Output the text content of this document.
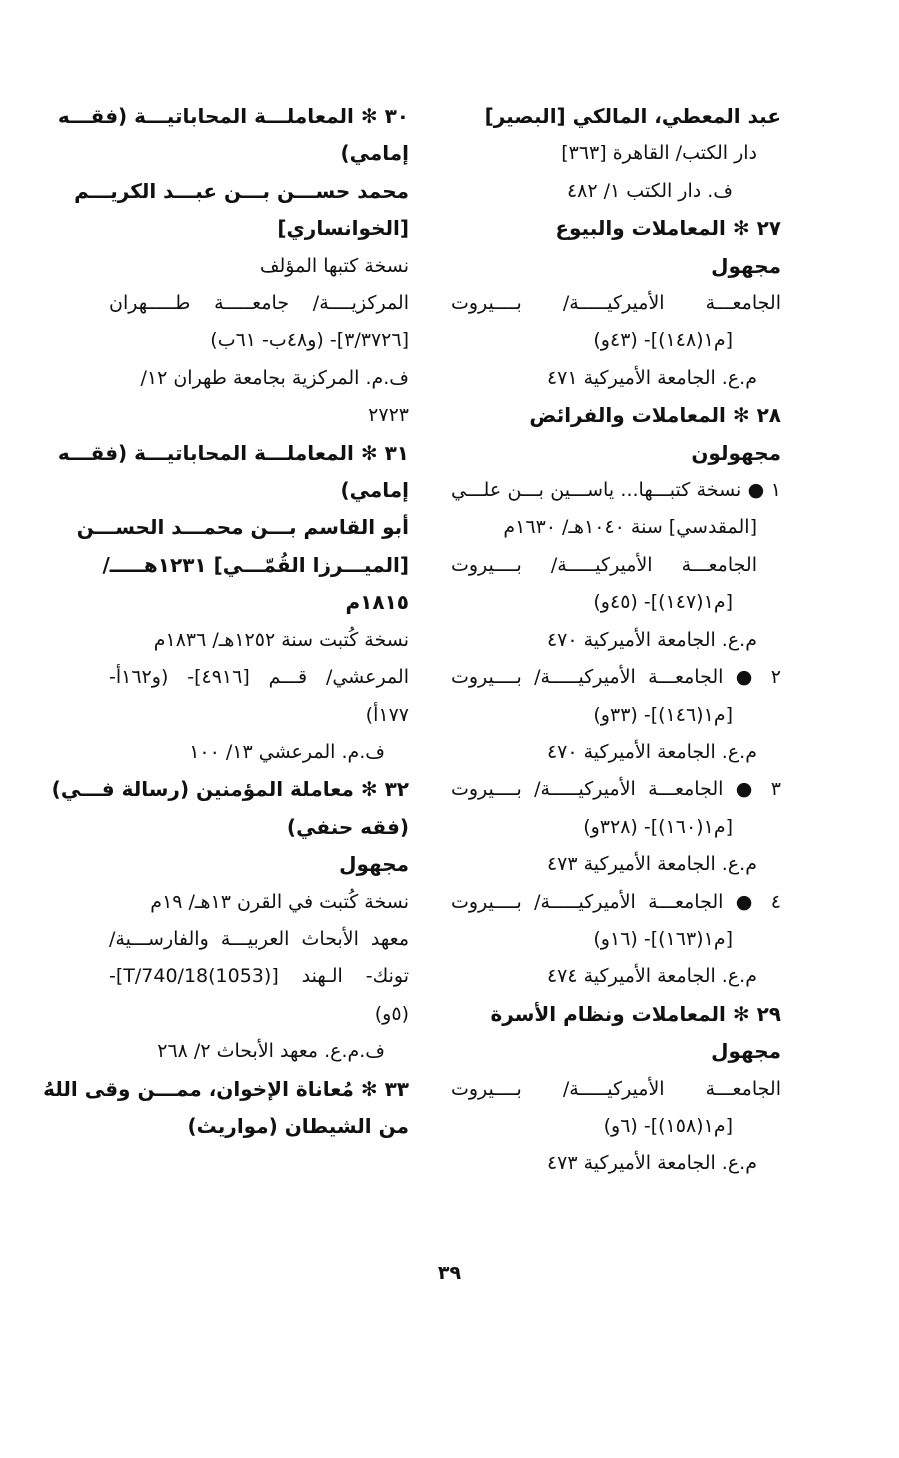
عبد المعطي، المالكي [البصير]
دار الكتب/ القاهرة [٣٦٣]
ف. دار الكتب ١/ ٤٨٢
٢٧ ✻ المعاملات والبيوع
مجهول
الجامعـــة الأميركيـــــة/ بــــيروت
[م١(١٤٨)]- (٤٣و)
م.ع. الجامعة الأميركية ٤٧١
٢٨ ✻ المعاملات والفرائض
مجهولون
١ ● نسخة كتبـــها... ياســـين بـــن علـــي
[المقدسي] سنة ١٠٤٠هـ/ ١٦٣٠م
الجامعـــة الأميركيـــــة/ بــــيروت
[م١(١٤٧)]- (٤٥و)
م.ع. الجامعة الأميركية ٤٧٠
٢ ● الجامعـــة الأميركيـــــة/ بــــيروت
[م١(١٤٦)]- (٣٣و)
م.ع. الجامعة الأميركية ٤٧٠
٣ ● الجامعـــة الأميركيـــــة/ بــــيروت
[م١(١٦٠)]- (٣٢٨و)
م.ع. الجامعة الأميركية ٤٧٣
٤ ● الجامعـــة الأميركيـــــة/ بــــيروت
[م١(١٦٣)]- (١٦و)
م.ع. الجامعة الأميركية ٤٧٤
٢٩ ✻ المعاملات ونظام الأسرة
مجهول
الجامعـــة الأميركيـــــة/ بــــيروت
[م١(١٥٨)]- (٦و)
م.ع. الجامعة الأميركية ٤٧٣
٣٠ ✻ المعاملـــة المحاباتيـــة (فقـــه
إمامي)
محمد حســـن بـــن عبـــد الكريـــم
[الخوانساري]
نسخة كتبها المؤلف
المركزيــــة/ جامعـــــة طـــــهران
[٣/٣٧٢٦]- (و٤٨ب- ٦١ب)
ف.م. المركزية بجامعة طهران ١٢/
٢٧٢٣
٣١ ✻ المعاملـــة المحاباتيـــة (فقـــه
إمامي)
أبو القاسم بـــن محمـــد الحســـن
[الميـــرزا القُمّـــي] ١٢٣١هـــــ/
١٨١٥م
نسخة كُتبت سنة ١٢٥٢هـ/ ١٨٣٦م
المرعشي/ قـــم [٤٩١٦]- (و١٦٢أ-
١٧٧أ)
ف.م. المرعشي ١٣/ ١٠٠
٣٢ ✻ معاملة المؤمنين (رسالة فـــي)
(فقه حنفي)
مجهول
نسخة كُتبت في القرن ١٣هـ/ ١٩م
معهد الأبحاث العربيـــة والفارســـية/
تونك- الـهند [T/740/18(1053)]-
(٥و)
ف.م.ع. معهد الأبحاث ٢/ ٢٦٨
٣٣ ✻ مُعاناة الإخوان، ممـــن وقى اللهُ
من الشيطان (مواريث)
٣٩
